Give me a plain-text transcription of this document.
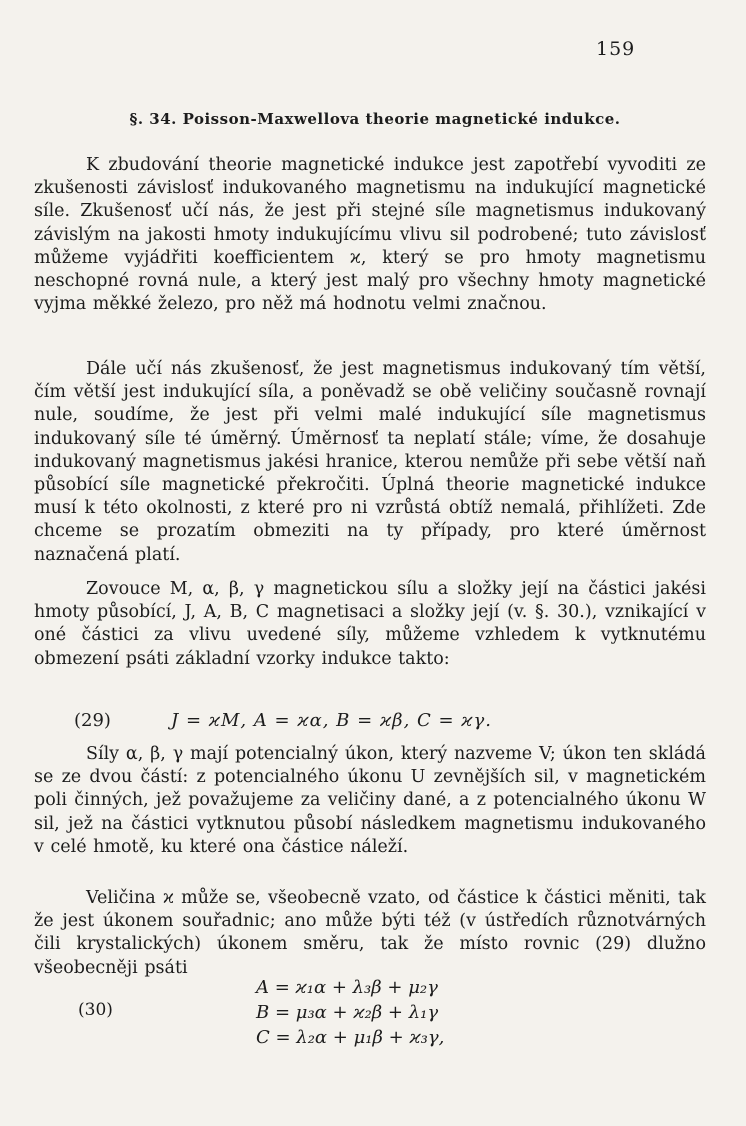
159
§. 34. Poisson-Maxwellova theorie magnetické indukce.
K zbudování theorie magnetické indukce jest zapotřebí vyvoditi ze zkušenosti závislosť indukovaného magnetismu na indukující magnetické síle. Zkušenosť učí nás, že jest při stejné síle magnetismus indukovaný závislým na jakosti hmoty indukujícímu vlivu sil podrobené; tuto závislosť můžeme vyjádřiti koefficientem ϰ, který se pro hmoty magnetismu neschopné rovná nule, a který jest malý pro všechny hmoty magnetické vyjma měkké železo, pro něž má hodnotu velmi značnou.
Dále učí nás zkušenosť, že jest magnetismus indukovaný tím větší, čím větší jest indukující síla, a poněvadž se obě veličiny současně rovnají nule, soudíme, že jest při velmi malé indukující síle magnetismus indukovaný síle té úměrný. Úměrnosť ta neplatí stále; víme, že dosahuje indukovaný magnetismus jakési hranice, kterou nemůže při sebe větší naň působící síle magnetické překročiti. Úplná theorie magnetické indukce musí k této okolnosti, z které pro ni vzrůstá obtíž nemalá, přihlížeti. Zde chceme se prozatím obmeziti na ty případy, pro které úměrnost naznačená platí.
Zovouce M, α, β, γ magnetickou sílu a složky její na částici jakési hmoty působící, J, A, B, C magnetisaci a složky její (v. §. 30.), vznikající v oné částici za vlivu uvedené síly, můžeme vzhledem k vytknutému obmezení psáti základní vzorky indukce takto:
(29)	J = ϰM, A = ϰα, B = ϰβ, C = ϰγ.
Síly α, β, γ mají potencialný úkon, který nazveme V; úkon ten skládá se ze dvou částí: z potencialného úkonu U zevnějších sil, v magnetickém poli činných, jež považujeme za veličiny dané, a z potencialného úkonu W sil, jež na částici vytknutou působí následkem magnetismu indukovaného v celé hmotě, ku které ona částice náleží.
Veličina ϰ může se, všeobecně vzato, od částice k částici měniti, tak že jest úkonem souřadnic; ano může býti též (v ústředích různotvárných čili krystalických) úkonem směru, tak že místo rovnic (29) dlužno všeobecněji psáti
(30)
A = ϰ₁α + λ₃β + μ₂γ
B = μ₃α + ϰ₂β + λ₁γ
C = λ₂α + μ₁β + ϰ₃γ,
